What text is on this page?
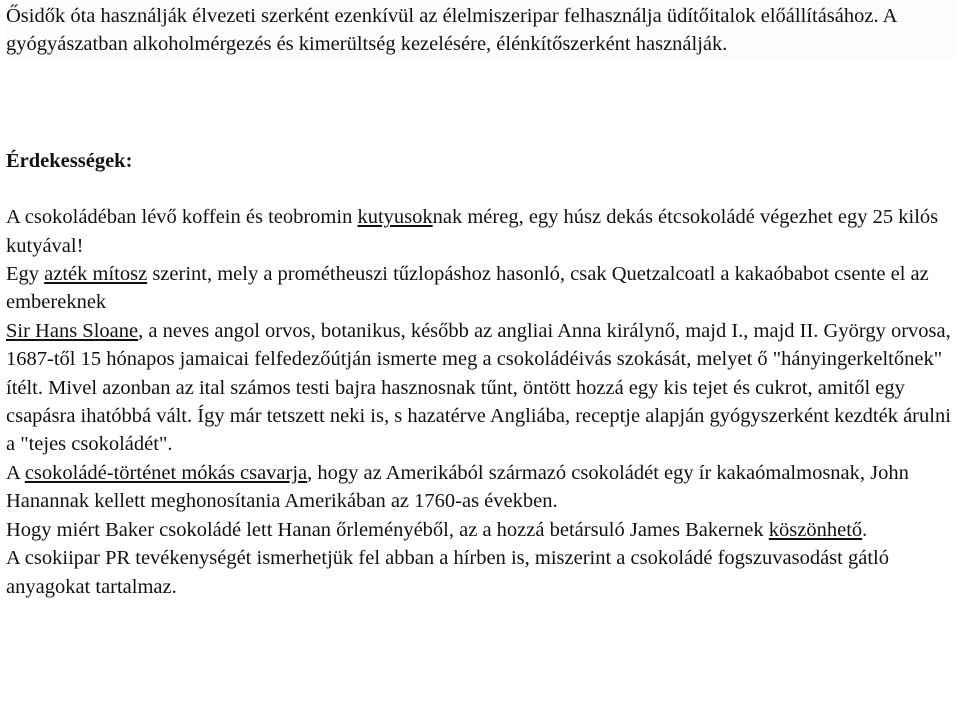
Ősidők óta használják élvezeti szerként ezenkívül az élelmiszeripar felhasználja üdítőitalok előállításához. A gyógyászatban alkoholmérgezés és kimerültség kezelésére, élénkítőszerként használják.

Érdekességek:

A csokoládéban lévő koffein és teobromin kutyusoknak méreg, egy húsz dekás étcsokoládé végezhet egy 25 kilós kutyával!

Egy azték mítosz szerint, mely a prométheuszi tűzlopáshoz hasonló, csak Quetzalcoatl a kakaóbabot csente el az embereknek

Sir Hans Sloane, a neves angol orvos, botanikus, később az angliai Anna királynő, majd I., majd II. György orvosa, 1687-től 15 hónapos jamaicai felfedezőútján ismerte meg a csokoládéivás szokását, melyet ő "hányingerkeltőnek" ítélt. Mivel azonban az ital számos testi bajra hasznosnak tűnt, öntött hozzá egy kis tejet és cukrot, amitől egy csapásra ihatóbbá vált. Így már tetszett neki is, s hazatérve Angliába, receptje alapján gyógyszerként kezdték árulni a "tejes csokoládét".

A csokoládé-történet mókás csavarja, hogy az Amerikából származó csokoládét egy ír kakaómalmosnak, John Hanannak kellett meghonosítania Amerikában az 1760-as években.

Hogy miért Baker csokoládé lett Hanan őrleményéből, az a hozzá betársuló James Bakernek köszönhető.

A csokiipar PR tevékenységét ismerhetjük fel abban a hírben is, miszerint a csokoládé fogszuvasodást gátló anyagokat tartalmaz.
